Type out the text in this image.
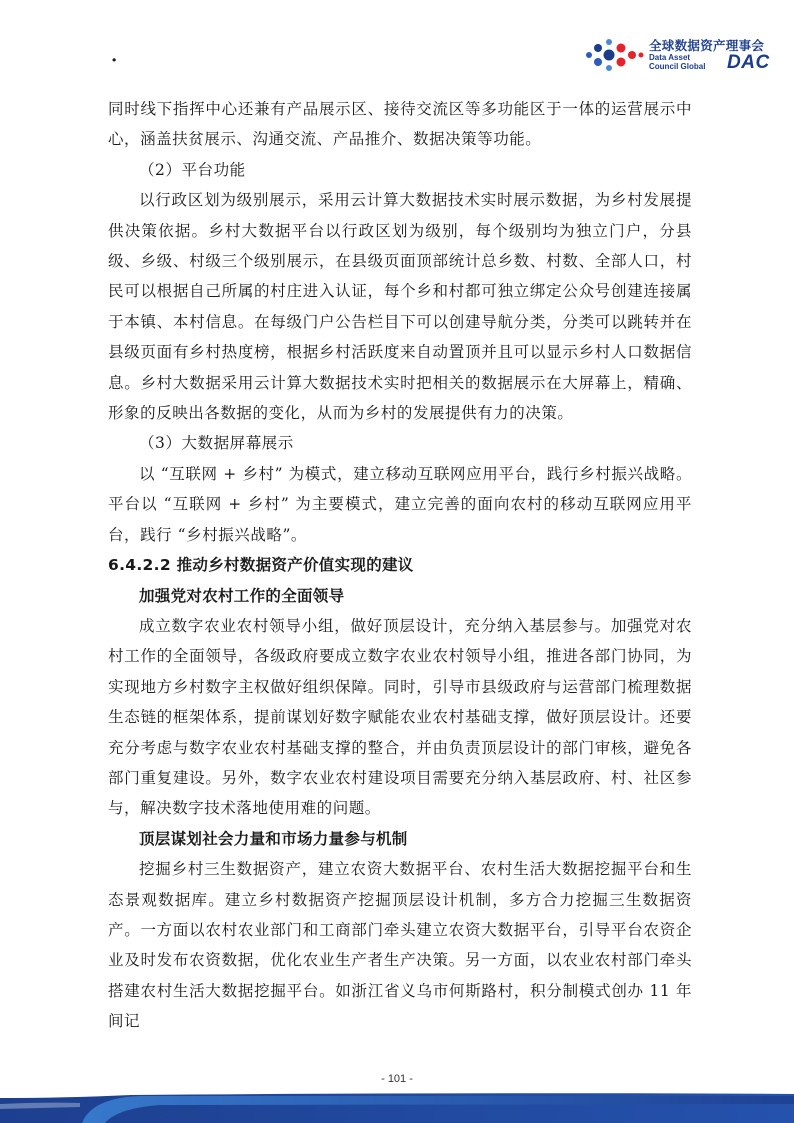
·
全球数据资产理事会
Data Asset
Council Global DAC

同时线下指挥中心还兼有产品展示区、接待交流区等多功能区于一体的运营展示中心，涵盖扶贫展示、沟通交流、产品推介、数据决策等功能。

（2）平台功能

以行政区划为级别展示，采用云计算大数据技术实时展示数据，为乡村发展提供决策依据。乡村大数据平台以行政区划为级别，每个级别均为独立门户，分县级、乡级、村级三个级别展示，在县级页面顶部统计总乡数、村数、全部人口，村民可以根据自己所属的村庄进入认证，每个乡和村都可独立绑定公众号创建连接属于本镇、本村信息。在每级门户公告栏目下可以创建导航分类，分类可以跳转并在县级页面有乡村热度榜，根据乡村活跃度来自动置顶并且可以显示乡村人口数据信息。乡村大数据采用云计算大数据技术实时把相关的数据展示在大屏幕上，精确、形象的反映出各数据的变化，从而为乡村的发展提供有力的决策。

（3）大数据屏幕展示

以 “互联网 + 乡村” 为模式，建立移动互联网应用平台，践行乡村振兴战略。平台以 “互联网 + 乡村” 为主要模式，建立完善的面向农村的移动互联网应用平台，践行 “乡村振兴战略”。

6.4.2.2 推动乡村数据资产价值实现的建议

加强党对农村工作的全面领导

成立数字农业农村领导小组，做好顶层设计，充分纳入基层参与。加强党对农村工作的全面领导，各级政府要成立数字农业农村领导小组，推进各部门协同，为实现地方乡村数字主权做好组织保障。同时，引导市县级政府与运营部门梳理数据生态链的框架体系，提前谋划好数字赋能农业农村基础支撑，做好顶层设计。还要充分考虑与数字农业农村基础支撑的整合，并由负责顶层设计的部门审核，避免各部门重复建设。另外，数字农业农村建设项目需要充分纳入基层政府、村、社区参与，解决数字技术落地使用难的问题。

顶层谋划社会力量和市场力量参与机制

挖掘乡村三生数据资产，建立农资大数据平台、农村生活大数据挖掘平台和生态景观数据库。建立乡村数据资产挖掘顶层设计机制，多方合力挖掘三生数据资产。一方面以农村农业部门和工商部门牵头建立农资大数据平台，引导平台农资企业及时发布农资数据，优化农业生产者生产决策。另一方面，以农业农村部门牵头搭建农村生活大数据挖掘平台。如浙江省义乌市何斯路村，积分制模式创办 11 年间记

- 101 -
